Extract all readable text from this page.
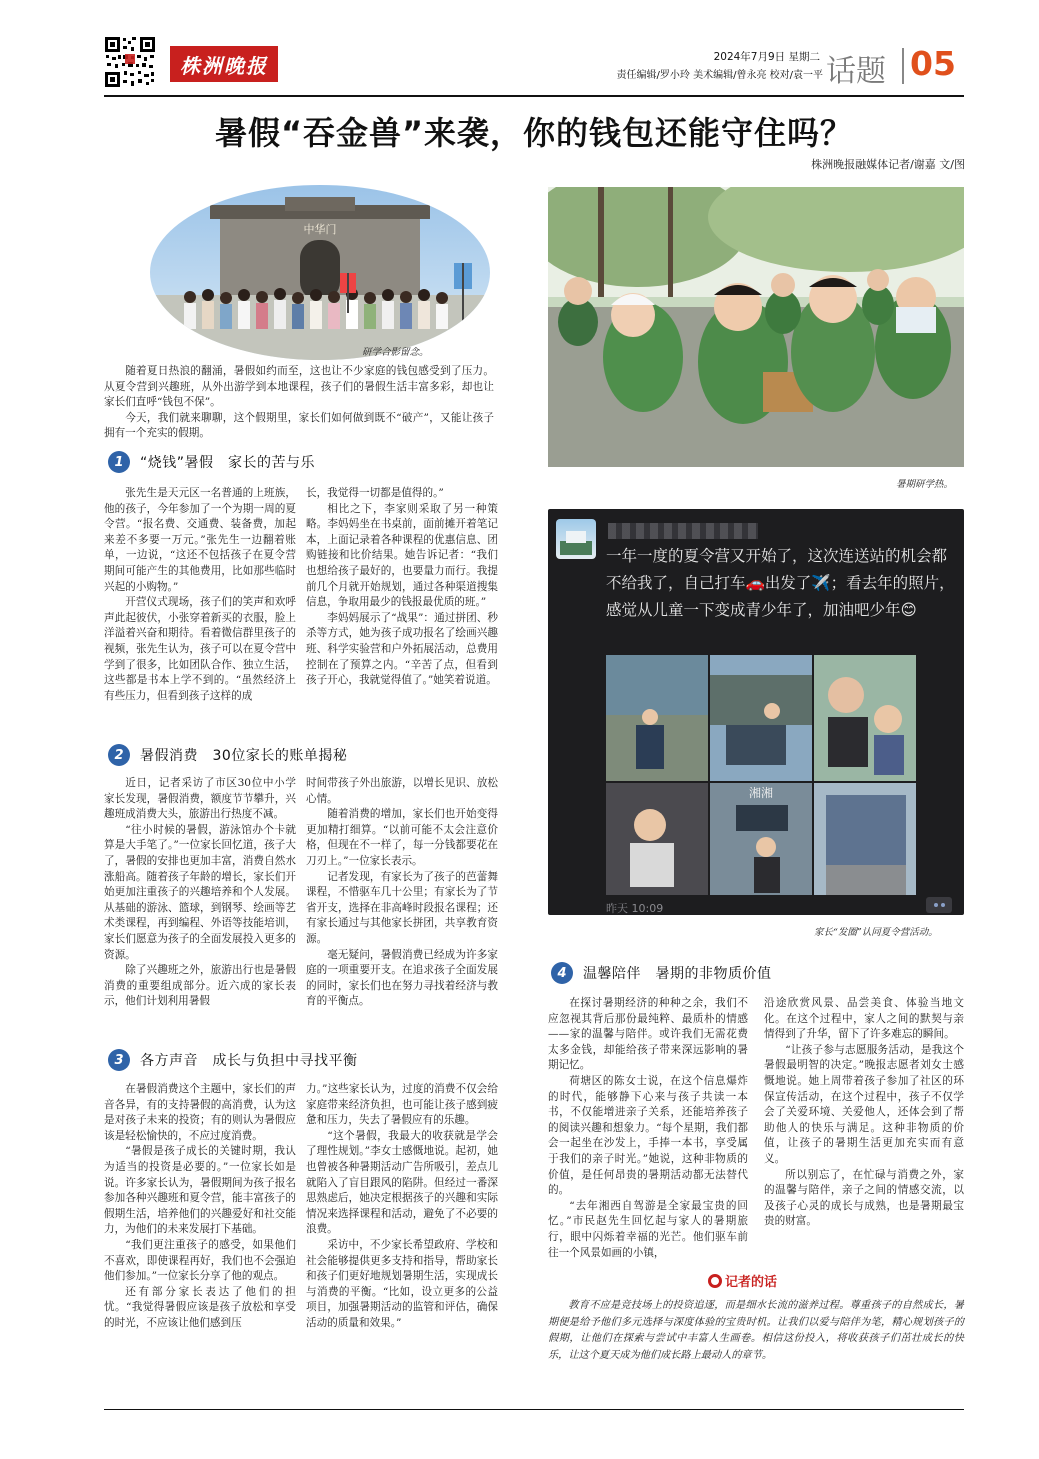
株洲晚报	2024年7月9日 星期二
责任编辑/罗小玲 美术编辑/曾永亮 校对/袁一平 话题 05
暑假“吞金兽”来袭，你的钱包还能守住吗？
株洲晚报融媒体记者/谢嘉 文/图
中华门
研学合影留念。
暑期研学热。

随着夏日热浪的翻涌，暑假如约而至，这也让不少家庭的钱包感受到了压力。从夏令营到兴趣班，从外出游学到本地课程，孩子们的暑假生活丰富多彩，却也让家长们直呼“钱包不保”。

今天，我们就来聊聊，这个假期里，家长们如何做到既不“破产”，又能让孩子拥有一个充实的假期。

1	“烧钱”暑假　家长的苦与乐

张先生是天元区一名普通的上班族，他的孩子，今年参加了一个为期一周的夏令营。“报名费、交通费、装备费，加起来差不多要一万元。”张先生一边翻着账单，一边说，“这还不包括孩子在夏令营期间可能产生的其他费用，比如那些临时兴起的小购物。”

开营仪式现场，孩子们的笑声和欢呼声此起彼伏，小张穿着新买的衣服，脸上洋溢着兴奋和期待。看着微信群里孩子的视频，张先生认为，孩子可以在夏令营中学到了很多，比如团队合作、独立生活，这些都是书本上学不到的。“虽然经济上有些压力，但看到孩子这样的成

长，我觉得一切都是值得的。”

相比之下，李家则采取了另一种策略。李妈妈坐在书桌前，面前摊开着笔记本，上面记录着各种课程的优惠信息、团购链接和比价结果。她告诉记者：“我们也想给孩子最好的，也要量力而行。我提前几个月就开始规划，通过各种渠道搜集信息，争取用最少的钱报最优质的班。”

李妈妈展示了“战果”：通过拼团、秒杀等方式，她为孩子成功报名了绘画兴趣班、科学实验营和户外拓展活动，总费用控制在了预算之内。“辛苦了点，但看到孩子开心，我就觉得值了。”她笑着说道。

2	暑假消费　30位家长的账单揭秘

近日，记者采访了市区30位中小学家长发现，暑假消费，额度节节攀升，兴趣班成消费大头，旅游出行热度不减。

“往小时候的暑假，游泳馆办个卡就算是大手笔了。”一位家长回忆道，孩子大了，暑假的安排也更加丰富，消费自然水涨船高。随着孩子年龄的增长，家长们开始更加注重孩子的兴趣培养和个人发展。从基础的游泳、篮球，到钢琴、绘画等艺术类课程，再到编程、外语等技能培训，家长们愿意为孩子的全面发展投入更多的资源。

除了兴趣班之外，旅游出行也是暑假消费的重要组成部分。近六成的家长表示，他们计划利用暑假

时间带孩子外出旅游，以增长见识、放松心情。

随着消费的增加，家长们也开始变得更加精打细算。“以前可能不太会注意价格，但现在不一样了，每一分钱都要花在刀刃上。”一位家长表示。

记者发现，有家长为了孩子的芭蕾舞课程，不惜驱车几十公里；有家长为了节省开支，选择在非高峰时段报名课程；还有家长通过与其他家长拼团，共享教育资源。

毫无疑问，暑假消费已经成为许多家庭的一项重要开支。在追求孩子全面发展的同时，家长们也在努力寻找着经济与教育的平衡点。

3	各方声音　成长与负担中寻找平衡

在暑假消费这个主题中，家长们的声音各异，有的支持暑假的高消费，认为这是对孩子未来的投资；有的则认为暑假应该是轻松愉快的，不应过度消费。

“暑假是孩子成长的关键时期，我认为适当的投资是必要的。”一位家长如是说。许多家长认为，暑假期间为孩子报名参加各种兴趣班和夏令营，能丰富孩子的假期生活，培养他们的兴趣爱好和社交能力，为他们的未来发展打下基础。

“我们更注重孩子的感受，如果他们不喜欢，即使课程再好，我们也不会强迫他们参加。”一位家长分享了他的观点。

还有部分家长表达了他们的担忧。“我觉得暑假应该是孩子放松和享受的时光，不应该让他们感到压

力。”这些家长认为，过度的消费不仅会给家庭带来经济负担，也可能让孩子感到疲惫和压力，失去了暑假应有的乐趣。

“这个暑假，我最大的收获就是学会了理性规划。”李女士感慨地说。起初，她也曾被各种暑期活动广告所吸引，差点儿就陷入了盲目跟风的陷阱。但经过一番深思熟虑后，她决定根据孩子的兴趣和实际情况来选择课程和活动，避免了不必要的浪费。

采访中，不少家长希望政府、学校和社会能够提供更多支持和指导，帮助家长和孩子们更好地规划暑期生活，实现成长与消费的平衡。“比如，设立更多的公益项目，加强暑期活动的监管和评估，确保活动的质量和效果。”

一年一度的夏令营又开始了，这次连送站的机会都不给我了，自己打车🚗出发了✈️；看去年的照片，感觉从儿童一下变成青少年了，加油吧少年😊
湘湘
昨天 10:09
家长“发圈”认同夏令营活动。
4	温馨陪伴　暑期的非物质价值

在探讨暑期经济的种种之余，我们不应忽视其背后那份最纯粹、最质朴的情感——家的温馨与陪伴。或许我们无需花费太多金钱，却能给孩子带来深远影响的暑期记忆。

荷塘区的陈女士说，在这个信息爆炸的时代，能够静下心来与孩子共读一本书，不仅能增进亲子关系，还能培养孩子的阅读兴趣和想象力。“每个星期，我们都会一起坐在沙发上，手捧一本书，享受属于我们的亲子时光。”她说，这种非物质的价值，是任何昂贵的暑期活动都无法替代的。

“去年湘西自驾游是全家最宝贵的回忆。”市民赵先生回忆起与家人的暑期旅行，眼中闪烁着幸福的光芒。他们驱车前往一个风景如画的小镇，

沿途欣赏风景、品尝美食、体验当地文化。在这个过程中，家人之间的默契与亲情得到了升华，留下了许多难忘的瞬间。

“让孩子参与志愿服务活动，是我这个暑假最明智的决定。”晚报志愿者刘女士感慨地说。她上周带着孩子参加了社区的环保宣传活动，在这个过程中，孩子不仅学会了关爱环境、关爱他人，还体会到了帮助他人的快乐与满足。这种非物质的价值，让孩子的暑期生活更加充实而有意义。

所以别忘了，在忙碌与消费之外，家的温馨与陪伴，亲子之间的情感交流，以及孩子心灵的成长与成熟，也是暑期最宝贵的财富。

记者的话
教育不应是竞技场上的投资追逐，而是细水长流的滋养过程。尊重孩子的自然成长，暑期便是给予他们多元选择与深度体验的宝贵时机。让我们以爱与陪伴为笔，精心规划孩子的假期，让他们在探索与尝试中丰富人生画卷。相信这份投入，将收获孩子们茁壮成长的快乐，让这个夏天成为他们成长路上最动人的章节。
